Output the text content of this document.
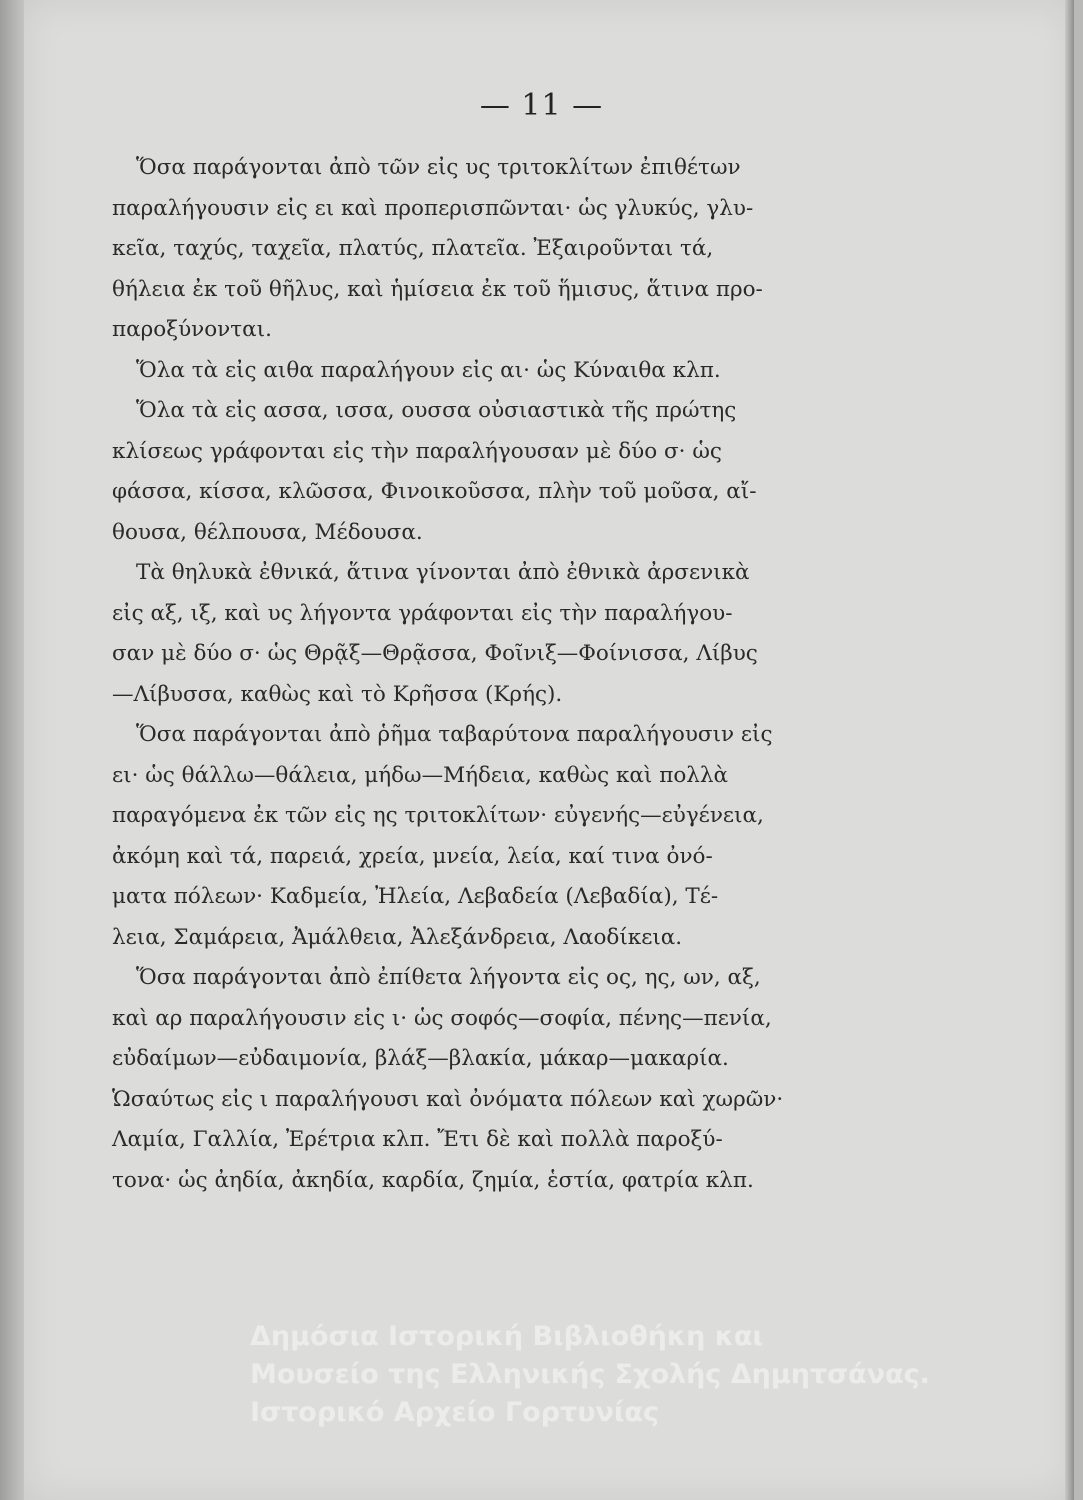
— 11 —
Ὅσα παράγονται ἀπὸ τῶν εἰς υς τριτοκλίτων ἐπιθέτων
παραλήγουσιν εἰς ει καὶ προπερισπῶνται· ὡς γλυκύς, γλυ-
κεῖα, ταχύς, ταχεῖα, πλατύς, πλατεῖα. Ἐξαιροῦνται τά,
θήλεια ἐκ τοῦ θῆλυς, καὶ ἡμίσεια ἐκ τοῦ ἥμισυς, ἅτινα προ-
παροξύνονται.
Ὅλα τὰ εἰς αιθα παραλήγουν εἰς αι· ὡς Κύναιθα κλπ.
Ὅλα τὰ εἰς ασσα, ισσα, ουσσα οὐσιαστικὰ τῆς πρώτης
κλίσεως γράφονται εἰς τὴν παραλήγουσαν μὲ δύο σ· ὡς
φάσσα, κίσσα, κλῶσσα, Φινοικοῦσσα, πλὴν τοῦ μοῦσα, αἴ-
θουσα, θέλπουσα, Μέδουσα.
Τὰ θηλυκὰ ἐθνικά, ἅτινα γίνονται ἀπὸ ἐθνικὰ ἀρσενικὰ
εἰς αξ, ιξ, καὶ υς λήγοντα γράφονται εἰς τὴν παραλήγου-
σαν μὲ δύο σ· ὡς Θρᾷξ—Θρᾷσσα, Φοῖνιξ—Φοίνισσα, Λίβυς
—Λίβυσσα, καθὼς καὶ τὸ Κρῆσσα (Κρής).
Ὅσα παράγονται ἀπὸ ῥῆμα ταβαρύτονα παραλήγουσιν εἰς
ει· ὡς θάλλω—θάλεια, μήδω—Μήδεια, καθὼς καὶ πολλὰ
παραγόμενα ἐκ τῶν εἰς ης τριτοκλίτων· εὐγενής—εὐγένεια,
ἀκόμη καὶ τά, παρειά, χρεία, μνεία, λεία, καί τινα ὀνό-
ματα πόλεων· Καδμεία, Ἠλεία, Λεβαδεία (Λεβαδία), Τέ-
λεια, Σαμάρεια, Ἀμάλθεια, Ἀλεξάνδρεια, Λαοδίκεια.
Ὅσα παράγονται ἀπὸ ἐπίθετα λήγοντα εἰς ος, ης, ων, αξ,
καὶ αρ παραλήγουσιν εἰς ι· ὡς σοφός—σοφία, πένης—πενία,
εὐδαίμων—εὐδαιμονία, βλάξ—βλακία, μάκαρ—μακαρία.
Ὡσαύτως εἰς ι παραλήγουσι καὶ ὀνόματα πόλεων καὶ χωρῶν·
Λαμία, Γαλλία, Ἐρέτρια κλπ. Ἔτι δὲ καὶ πολλὰ παροξύ-
τονα· ὡς ἀηδία, ἀκηδία, καρδία, ζημία, ἑστία, φατρία κλπ.
Δημόσια Ιστορική Βιβλιοθήκη και
Μουσείο της Ελληνικής Σχολής Δημητσάνας.
Ιστορικό Αρχείο Γορτυνίας
